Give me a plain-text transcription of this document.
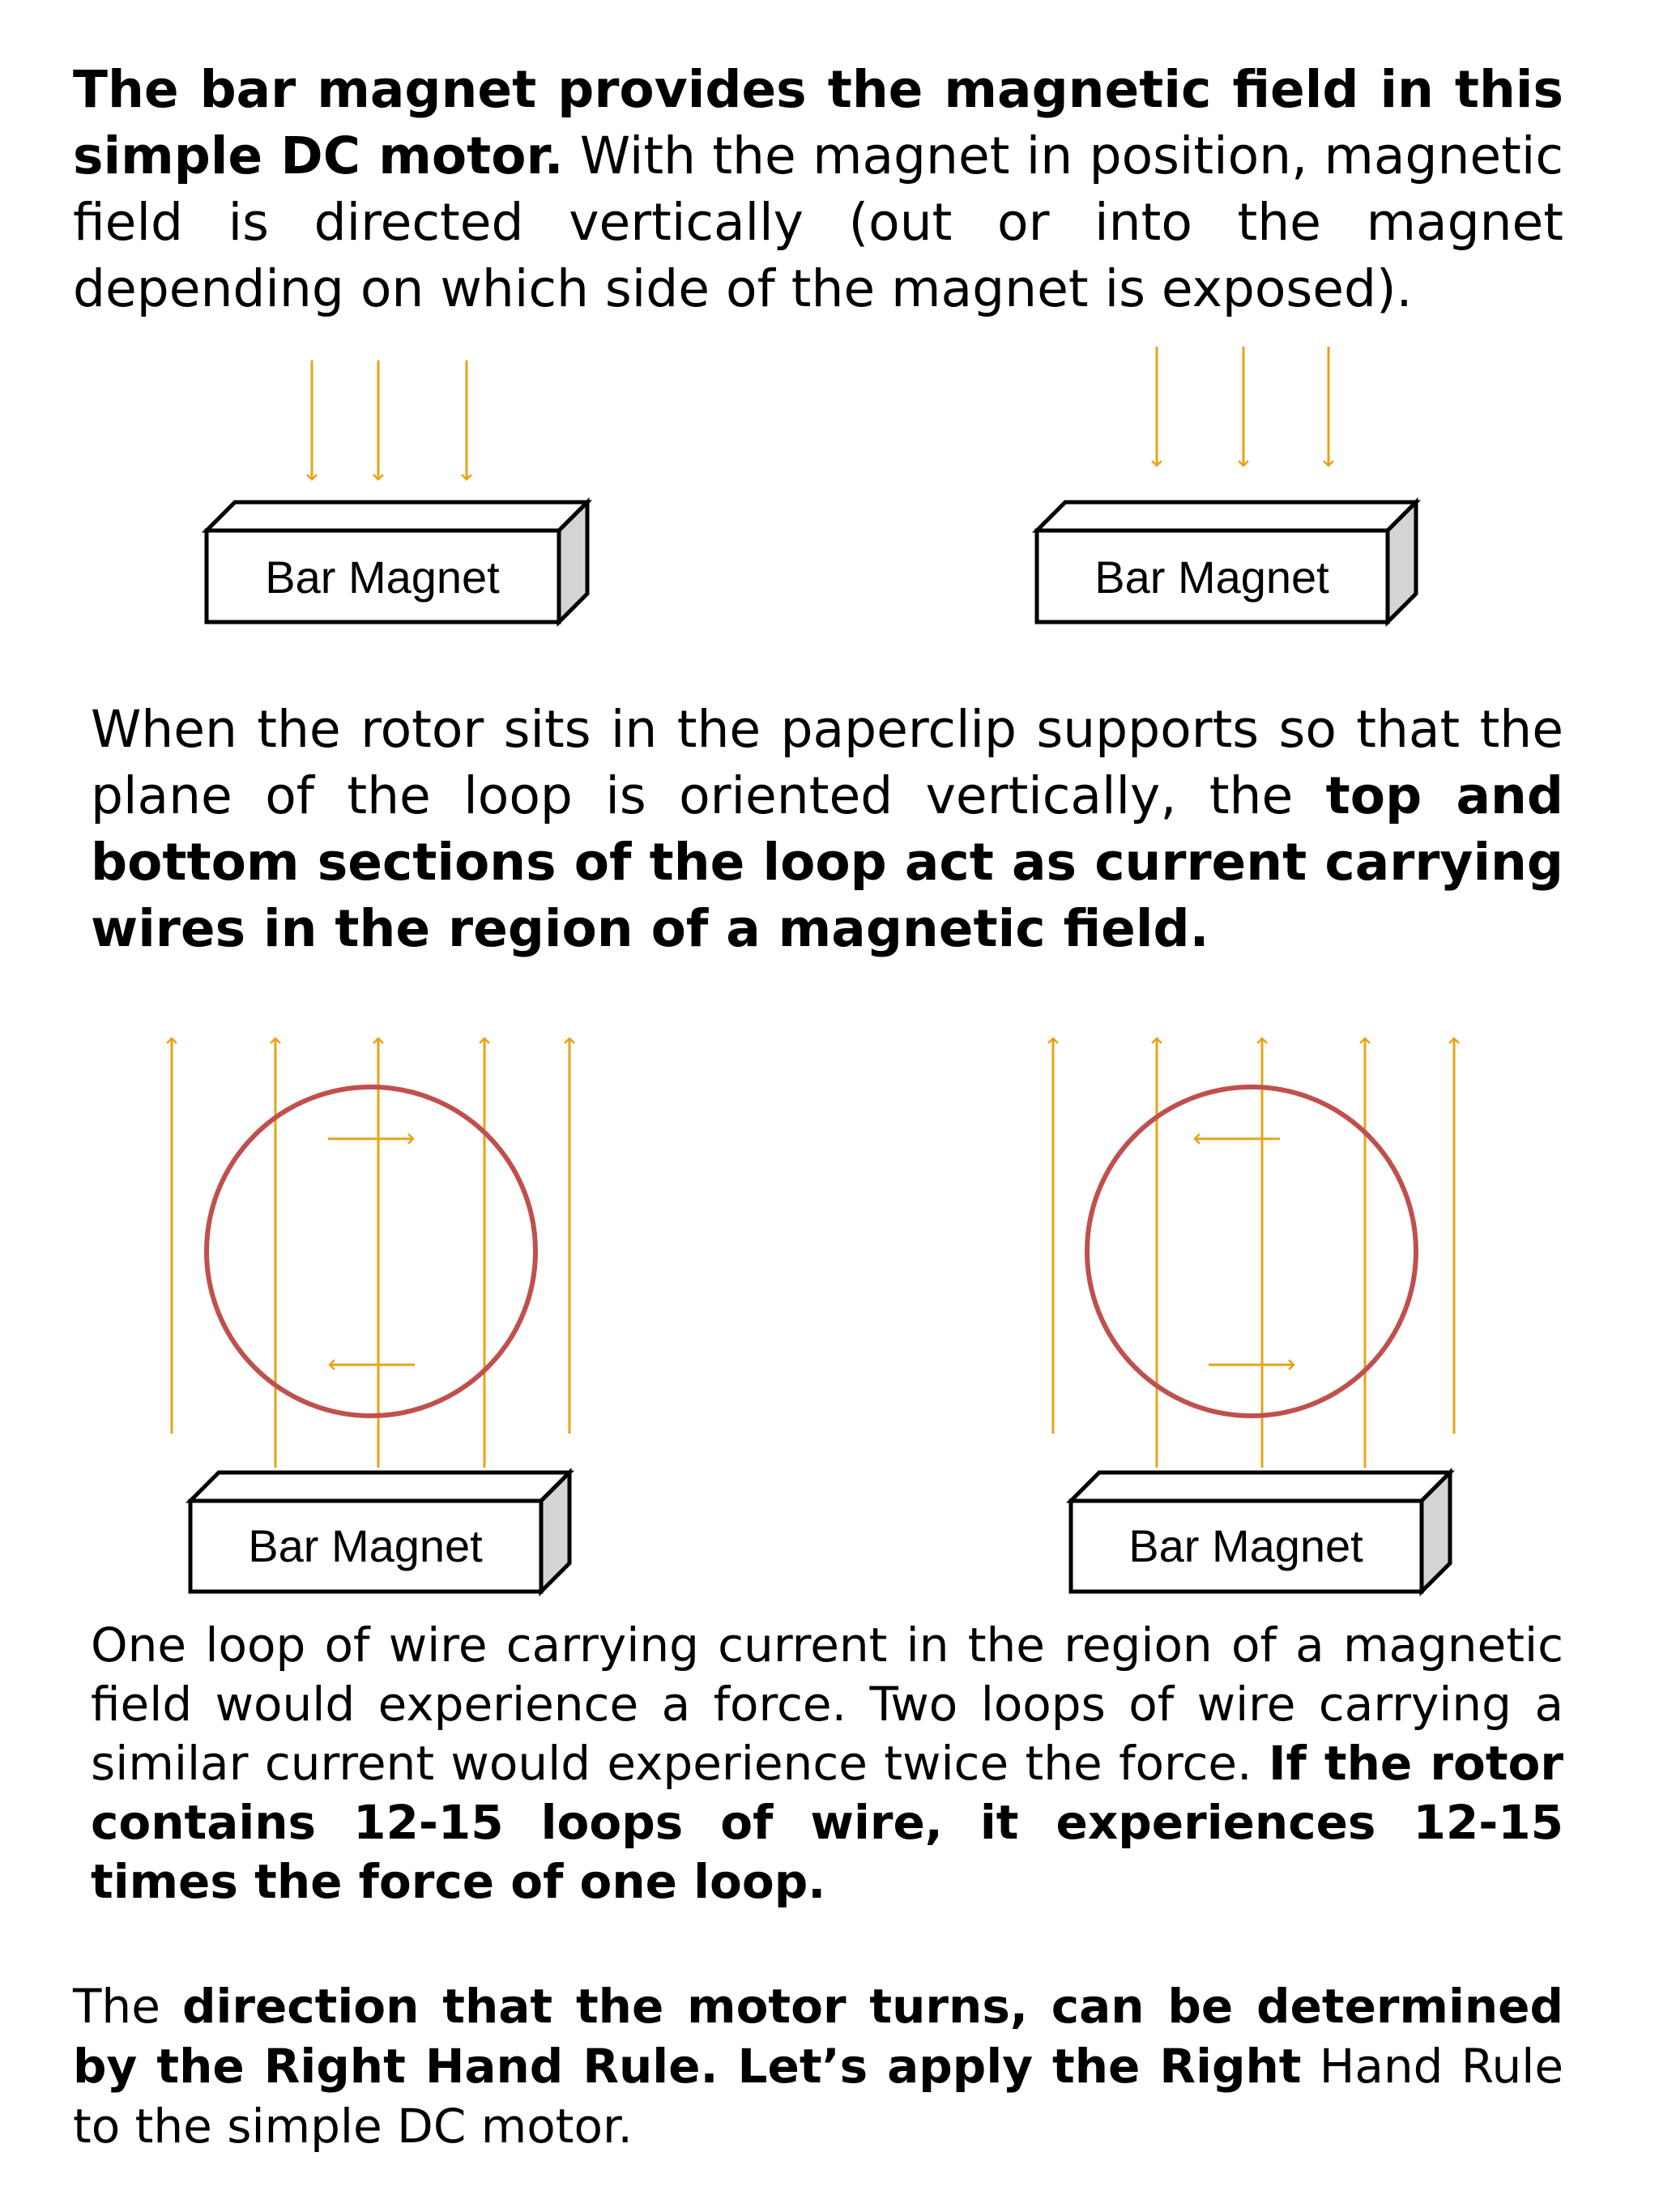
The bar magnet provides the magnetic field in this simple DC motor. With the magnet in position, magnetic field is directed vertically (out or into the magnet depending on which side of the magnet is exposed).

When the rotor sits in the paperclip supports so that the plane of the loop is oriented vertically, the top and bottom sections of the loop act as current carrying wires in the region of a magnetic field.

One loop of wire carrying current in the region of a magnetic field would experience a force. Two loops of wire carrying a similar current would experience twice the force. If the rotor contains 12-15 loops of wire, it experiences 12-15 times the force of one loop.

The direction that the motor turns, can be determined by the Right Hand Rule. Let’s apply the Right Hand Rule to the simple DC motor.

Bar Magnet	Bar Magnet
Bar Magnet	Bar Magnet
